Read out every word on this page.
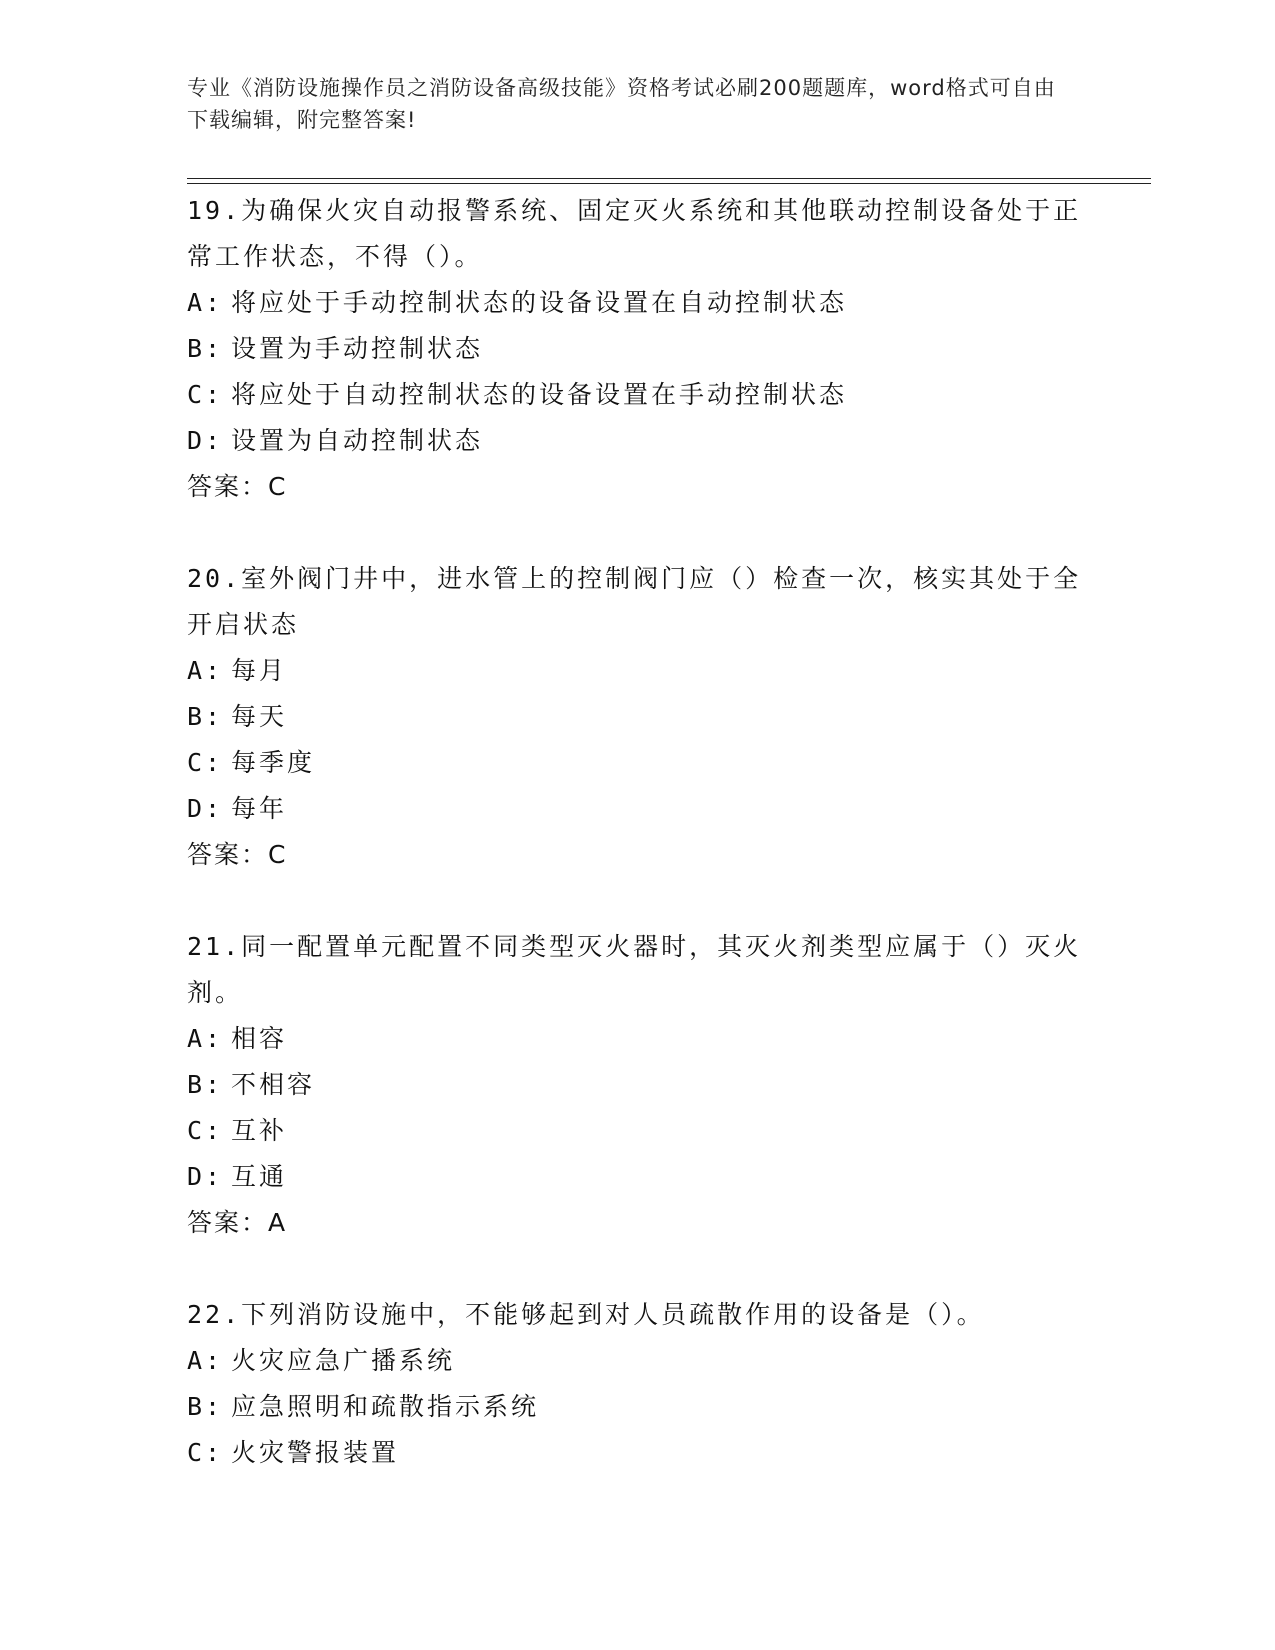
专业《消防设施操作员之消防设备高级技能》资格考试必刷200题题库，word格式可自由下载编辑，附完整答案!
19.为确保火灾自动报警系统、固定灭火系统和其他联动控制设备处于正常工作状态，不得（）。
A: 将应处于手动控制状态的设备设置在自动控制状态
B: 设置为手动控制状态
C: 将应处于自动控制状态的设备设置在手动控制状态
D: 设置为自动控制状态
答案：C
20.室外阀门井中，进水管上的控制阀门应（）检查一次，核实其处于全开启状态
A: 每月
B: 每天
C: 每季度
D: 每年
答案：C
21.同一配置单元配置不同类型灭火器时，其灭火剂类型应属于（）灭火剂。
A: 相容
B: 不相容
C: 互补
D: 互通
答案：A
22.下列消防设施中，不能够起到对人员疏散作用的设备是（）。
A: 火灾应急广播系统
B: 应急照明和疏散指示系统
C: 火灾警报装置
